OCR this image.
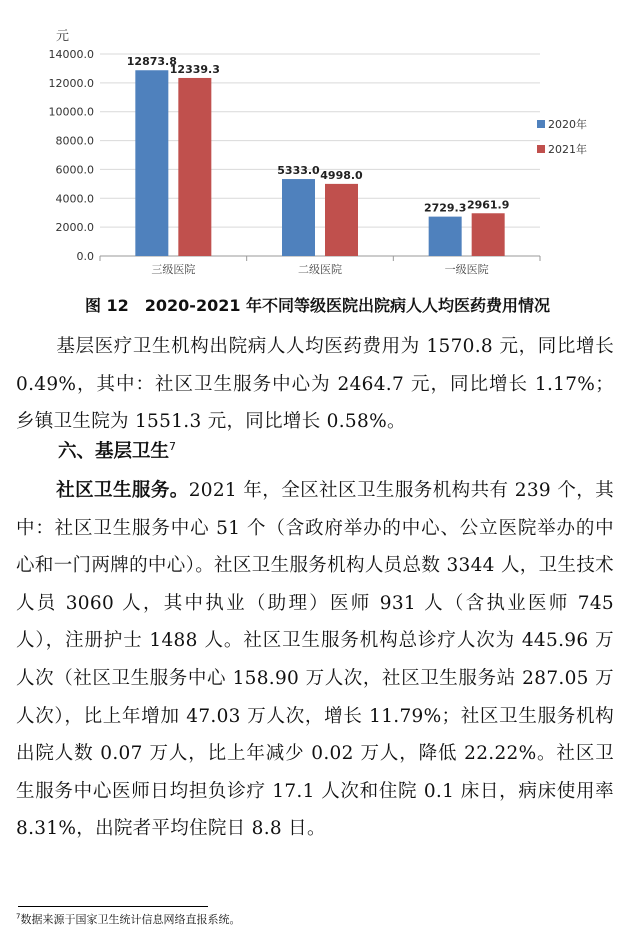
元
0.0
2000.0
4000.0
6000.0
8000.0
10000.0
12000.0
14000.0
12873.8
12339.3
5333.0 4998.0
2729.3 2961.9
三级医院	二级医院	一级医院
2020年
2021年
图 12　2020-2021 年不同等级医院出院病人人均医药费用情况
基层医疗卫生机构出院病人人均医药费用为 1570.8 元，同比增长 0.49%，其中：社区卫生服务中心为 2464.7 元，同比增长 1.17%；乡镇卫生院为 1551.3 元，同比增长 0.58%。
六、基层卫生$^7$
社区卫生服务。2021 年，全区社区卫生服务机构共有 239 个，其中：社区卫生服务中心 51 个（含政府举办的中心、公立医院举办的中心和一门两牌的中心）。社区卫生服务机构人员总数 3344 人，卫生技术人员 3060 人，其中执业（助理）医师 931 人（含执业医师 745 人），注册护士 1488 人。社区卫生服务机构总诊疗人次为 445.96 万人次（社区卫生服务中心 158.90 万人次，社区卫生服务站 287.05 万人次），比上年增加 47.03 万人次，增长 11.79%；社区卫生服务机构出院人数 0.07 万人，比上年减少 0.02 万人，降低 22.22%。社区卫生服务中心医师日均担负诊疗 17.1 人次和住院 0.1 床日，病床使用率 8.31%，出院者平均住院日 8.8 日。
$^7$数据来源于国家卫生统计信息网络直报系统。
